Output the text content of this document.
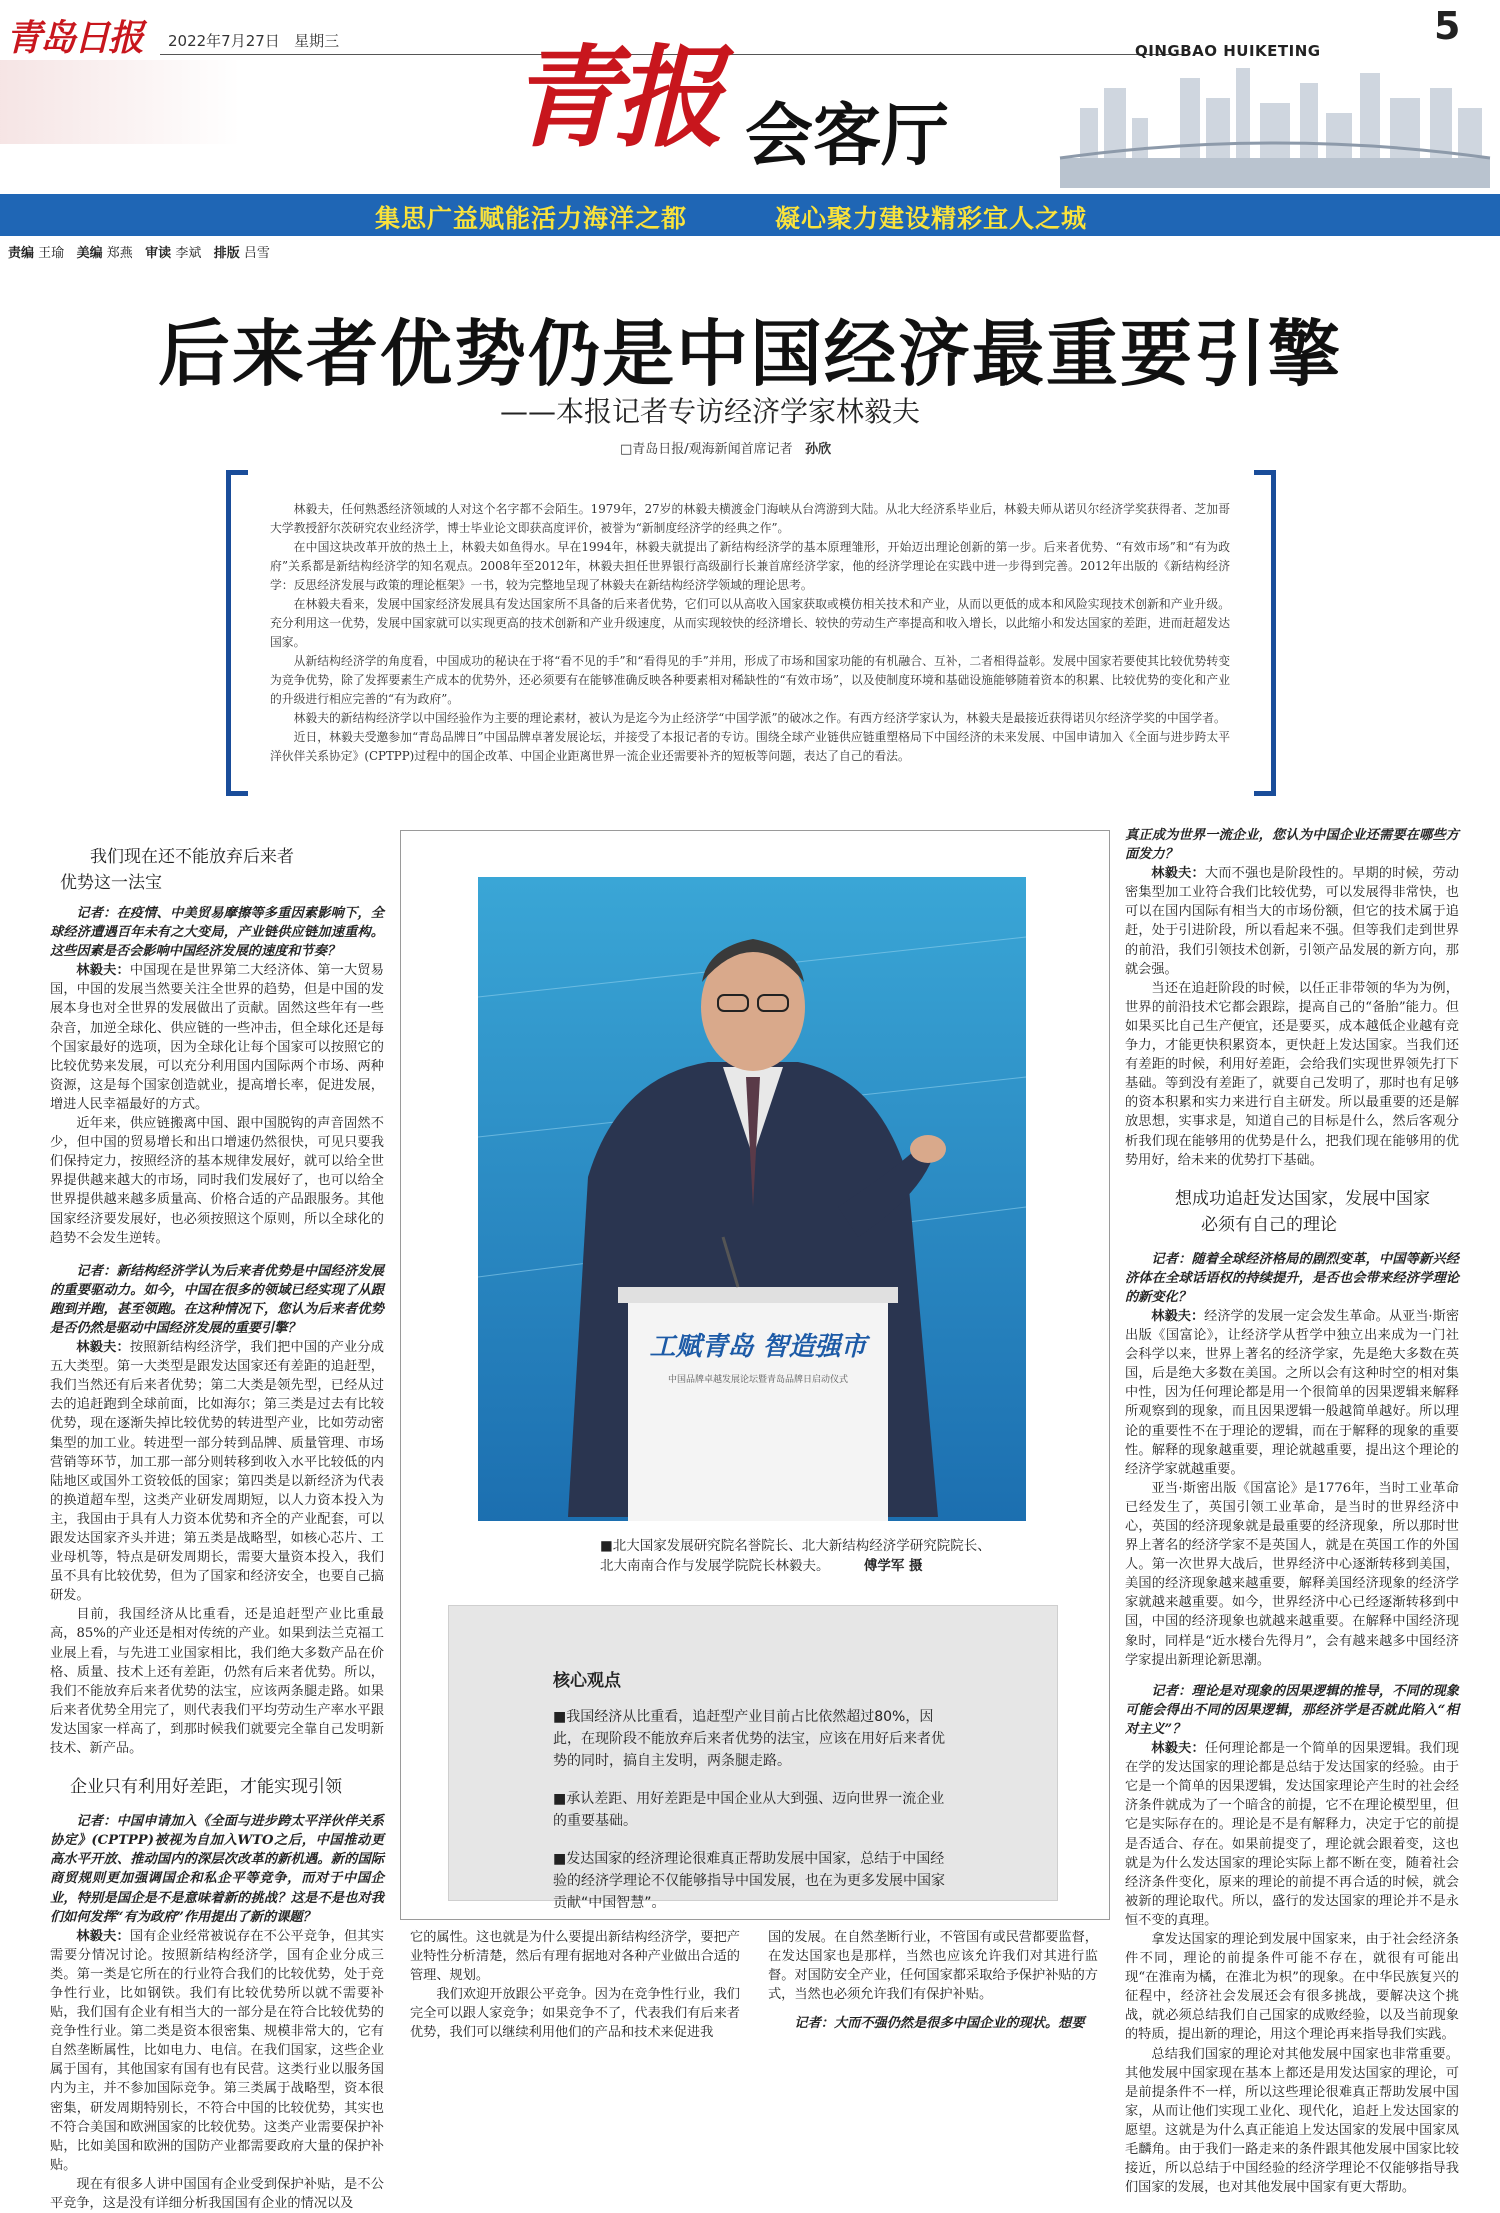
青岛日报	2022年7月27日 星期三	5
QINGBAO HUIKETING
青报 会客厅
集思广益赋能活力海洋之都	凝心聚力建设精彩宜人之城
责编 王瑜 美编 郑燕 审读 李斌 排版 吕雪
后来者优势仍是中国经济最重要引擎
——本报记者专访经济学家林毅夫
□青岛日报/观海新闻首席记者 孙欣

林毅夫，任何熟悉经济领域的人对这个名字都不会陌生。1979年，27岁的林毅夫横渡金门海峡从台湾游到大陆。从北大经济系毕业后，林毅夫师从诺贝尔经济学奖获得者、芝加哥大学教授舒尔茨研究农业经济学，博士毕业论文即获高度评价，被誉为“新制度经济学的经典之作”。

在中国这块改革开放的热土上，林毅夫如鱼得水。早在1994年，林毅夫就提出了新结构经济学的基本原理雏形，开始迈出理论创新的第一步。后来者优势、“有效市场”和“有为政府”关系都是新结构经济学的知名观点。2008年至2012年，林毅夫担任世界银行高级副行长兼首席经济学家，他的经济学理论在实践中进一步得到完善。2012年出版的《新结构经济学：反思经济发展与政策的理论框架》一书，较为完整地呈现了林毅夫在新结构经济学领域的理论思考。

在林毅夫看来，发展中国家经济发展具有发达国家所不具备的后来者优势，它们可以从高收入国家获取或模仿相关技术和产业，从而以更低的成本和风险实现技术创新和产业升级。充分利用这一优势，发展中国家就可以实现更高的技术创新和产业升级速度，从而实现较快的经济增长、较快的劳动生产率提高和收入增长，以此缩小和发达国家的差距，进而赶超发达国家。

从新结构经济学的角度看，中国成功的秘诀在于将“看不见的手”和“看得见的手”并用，形成了市场和国家功能的有机融合、互补，二者相得益彰。发展中国家若要使其比较优势转变为竞争优势，除了发挥要素生产成本的优势外，还必须要有在能够准确反映各种要素相对稀缺性的“有效市场”，以及使制度环境和基础设施能够随着资本的积累、比较优势的变化和产业的升级进行相应完善的“有为政府”。

林毅夫的新结构经济学以中国经验作为主要的理论素材，被认为是迄今为止经济学“中国学派”的破冰之作。有西方经济学家认为，林毅夫是最接近获得诺贝尔经济学奖的中国学者。

近日，林毅夫受邀参加“青岛品牌日”中国品牌卓著发展论坛，并接受了本报记者的专访。围绕全球产业链供应链重塑格局下中国经济的未来发展、中国申请加入《全面与进步跨太平洋伙伴关系协定》(CPTPP)过程中的国企改革、中国企业距离世界一流企业还需要补齐的短板等问题，表达了自己的看法。

我们现在还不能放弃后来者
优势这一法宝

记者：在疫情、中美贸易摩擦等多重因素影响下，全球经济遭遇百年未有之大变局，产业链供应链加速重构。这些因素是否会影响中国经济发展的速度和节奏？

林毅夫：中国现在是世界第二大经济体、第一大贸易国，中国的发展当然要关注全世界的趋势，但是中国的发展本身也对全世界的发展做出了贡献。固然这些年有一些杂音，加逆全球化、供应链的一些冲击，但全球化还是每个国家最好的选项，因为全球化让每个国家可以按照它的比较优势来发展，可以充分利用国内国际两个市场、两种资源，这是每个国家创造就业，提高增长率，促进发展，增进人民幸福最好的方式。

近年来，供应链搬离中国、跟中国脱钩的声音固然不少，但中国的贸易增长和出口增速仍然很快，可见只要我们保持定力，按照经济的基本规律发展好，就可以给全世界提供越来越大的市场，同时我们发展好了，也可以给全世界提供越来越多质量高、价格合适的产品跟服务。其他国家经济要发展好，也必须按照这个原则，所以全球化的趋势不会发生逆转。

记者：新结构经济学认为后来者优势是中国经济发展的重要驱动力。如今，中国在很多的领域已经实现了从跟跑到并跑，甚至领跑。在这种情况下，您认为后来者优势是否仍然是驱动中国经济发展的重要引擎？

林毅夫：按照新结构经济学，我们把中国的产业分成五大类型。第一大类型是跟发达国家还有差距的追赶型，我们当然还有后来者优势；第二大类是领先型，已经从过去的追赶跑到全球前面，比如海尔；第三类是过去有比较优势，现在逐渐失掉比较优势的转进型产业，比如劳动密集型的加工业。转进型一部分转到品牌、质量管理、市场营销等环节，加工那一部分则转移到收入水平比较低的内陆地区或国外工资较低的国家；第四类是以新经济为代表的换道超车型，这类产业研发周期短，以人力资本投入为主，我国由于具有人力资本优势和齐全的产业配套，可以跟发达国家齐头并进；第五类是战略型，如核心芯片、工业母机等，特点是研发周期长，需要大量资本投入，我们虽不具有比较优势，但为了国家和经济安全，也要自己搞研发。

目前，我国经济从比重看，还是追赶型产业比重最高，85%的产业还是相对传统的产业。如果到法兰克福工业展上看，与先进工业国家相比，我们绝大多数产品在价格、质量、技术上还有差距，仍然有后来者优势。所以，我们不能放弃后来者优势的法宝，应该两条腿走路。如果后来者优势全用完了，则代表我们平均劳动生产率水平跟发达国家一样高了，到那时候我们就要完全靠自己发明新技术、新产品。

企业只有利用好差距，才能实现引领

记者：中国申请加入《全面与进步跨太平洋伙伴关系协定》(CPTPP)被视为自加入WTO之后，中国推动更高水平开放、推动国内的深层次改革的新机遇。新的国际商贸规则更加强调国企和私企平等竞争，而对于中国企业，特别是国企是不是意味着新的挑战？这是不是也对我们如何发挥“有为政府”作用提出了新的课题？

林毅夫：国有企业经常被说存在不公平竞争，但其实需要分情况讨论。按照新结构经济学，国有企业分成三类。第一类是它所在的行业符合我们的比较优势，处于竞争性行业，比如钢铁。我们有比较优势所以就不需要补贴，我们国有企业有相当大的一部分是在符合比较优势的竞争性行业。第二类是资本很密集、规模非常大的，它有自然垄断属性，比如电力、电信。在我们国家，这些企业属于国有，其他国家有国有也有民营。这类行业以服务国内为主，并不参加国际竞争。第三类属于战略型，资本很密集，研发周期特别长，不符合中国的比较优势，其实也不符合美国和欧洲国家的比较优势。这类产业需要保护补贴，比如美国和欧洲的国防产业都需要政府大量的保护补贴。

现在有很多人讲中国国有企业受到保护补贴，是不公平竞争，这是没有详细分析我国国有企业的情况以及

工赋青岛 智造强市
中国品牌卓越发展论坛暨青岛品牌日启动仪式
■北大国家发展研究院名誉院长、北大新结构经济学研究院院长、
北大南南合作与发展学院院长林毅夫。	傅学军 摄
核心观点

■我国经济从比重看，追赶型产业目前占比依然超过80%，因此，在现阶段不能放弃后来者优势的法宝，应该在用好后来者优势的同时，搞自主发明，两条腿走路。

■承认差距、用好差距是中国企业从大到强、迈向世界一流企业的重要基础。

■发达国家的经济理论很难真正帮助发展中国家，总结于中国经验的经济学理论不仅能够指导中国发展，也在为更多发展中国家贡献“中国智慧”。

它的属性。这也就是为什么要提出新结构经济学，要把产业特性分析清楚，然后有理有据地对各种产业做出合适的管理、规划。

我们欢迎开放跟公平竞争。因为在竞争性行业，我们完全可以跟人家竞争；如果竞争不了，代表我们有后来者优势，我们可以继续利用他们的产品和技术来促进我

国的发展。在自然垄断行业，不管国有或民营都要监督，在发达国家也是那样，当然也应该允许我们对其进行监督。对国防安全产业，任何国家都采取给予保护补贴的方式，当然也必须允许我们有保护补贴。

记者：大而不强仍然是很多中国企业的现状。想要

真正成为世界一流企业，您认为中国企业还需要在哪些方面发力？

林毅夫：大而不强也是阶段性的。早期的时候，劳动密集型加工业符合我们比较优势，可以发展得非常快，也可以在国内国际有相当大的市场份额，但它的技术属于追赶，处于引进阶段，所以看起来不强。但等我们走到世界的前沿，我们引领技术创新，引领产品发展的新方向，那就会强。

当还在追赶阶段的时候，以任正非带领的华为为例，世界的前沿技术它都会跟踪，提高自己的“备胎”能力。但如果买比自己生产便宜，还是要买，成本越低企业越有竞争力，才能更快积累资本，更快赶上发达国家。当我们还有差距的时候，利用好差距，会给我们实现世界领先打下基础。等到没有差距了，就要自己发明了，那时也有足够的资本积累和实力来进行自主研发。所以最重要的还是解放思想，实事求是，知道自己的目标是什么，然后客观分析我们现在能够用的优势是什么，把我们现在能够用的优势用好，给未来的优势打下基础。

想成功追赶发达国家，发展中国家
必须有自己的理论

记者：随着全球经济格局的剧烈变革，中国等新兴经济体在全球话语权的持续提升，是否也会带来经济学理论的新变化？

林毅夫：经济学的发展一定会发生革命。从亚当·斯密出版《国富论》，让经济学从哲学中独立出来成为一门社会科学以来，世界上著名的经济学家，先是绝大多数在英国，后是绝大多数在美国。之所以会有这种时空的相对集中性，因为任何理论都是用一个很简单的因果逻辑来解释所观察到的现象，而且因果逻辑一般越简单越好。所以理论的重要性不在于理论的逻辑，而在于解释的现象的重要性。解释的现象越重要，理论就越重要，提出这个理论的经济学家就越重要。

亚当·斯密出版《国富论》是1776年，当时工业革命已经发生了，英国引领工业革命，是当时的世界经济中心，英国的经济现象就是最重要的经济现象，所以那时世界上著名的经济学家不是英国人，就是在英国工作的外国人。第一次世界大战后，世界经济中心逐渐转移到美国，美国的经济现象越来越重要，解释美国经济现象的经济学家就越来越重要。如今，世界经济中心已经逐渐转移到中国，中国的经济现象也就越来越重要。在解释中国经济现象时，同样是“近水楼台先得月”，会有越来越多中国经济学家提出新理论新思潮。

记者：理论是对现象的因果逻辑的推导，不同的现象可能会得出不同的因果逻辑，那经济学是否就此陷入“相对主义”？

林毅夫：任何理论都是一个简单的因果逻辑。我们现在学的发达国家的理论都是总结于发达国家的经验。由于它是一个简单的因果逻辑，发达国家理论产生时的社会经济条件就成为了一个暗含的前提，它不在理论模型里，但它是实际存在的。理论是不是有解释力，决定于它的前提是否适合、存在。如果前提变了，理论就会跟着变，这也就是为什么发达国家的理论实际上都不断在变，随着社会经济条件变化，原来的理论的前提不再合适的时候，就会被新的理论取代。所以，盛行的发达国家的理论并不是永恒不变的真理。

拿发达国家的理论到发展中国家来，由于社会经济条件不同，理论的前提条件可能不存在，就很有可能出现“在淮南为橘，在淮北为枳”的现象。在中华民族复兴的征程中，经济社会发展还会有很多挑战，要解决这个挑战，就必须总结我们自己国家的成败经验，以及当前现象的特质，提出新的理论，用这个理论再来指导我们实践。

总结我们国家的理论对其他发展中国家也非常重要。其他发展中国家现在基本上都还是用发达国家的理论，可是前提条件不一样，所以这些理论很难真正帮助发展中国家，从而让他们实现工业化、现代化，追赶上发达国家的愿望。这就是为什么真正能追上发达国家的发展中国家凤毛麟角。由于我们一路走来的条件跟其他发展中国家比较接近，所以总结于中国经验的经济学理论不仅能够指导我们国家的发展，也对其他发展中国家有更大帮助。
